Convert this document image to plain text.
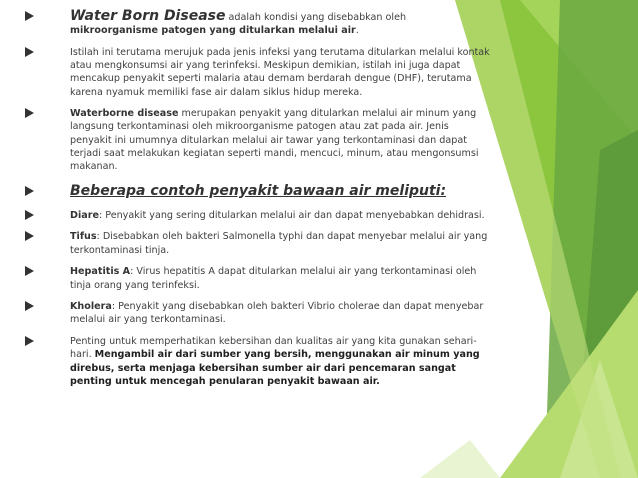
Water Born Disease adalah kondisi yang disebabkan oleh mikroorganisme patogen yang ditularkan melalui air.
Istilah ini terutama merujuk pada jenis infeksi yang terutama ditularkan melalui kontak atau mengkonsumsi air yang terinfeksi. Meskipun demikian, istilah ini juga dapat mencakup penyakit seperti malaria atau demam berdarah dengue (DHF), terutama karena nyamuk memiliki fase air dalam siklus hidup mereka.
Waterborne disease merupakan penyakit yang ditularkan melalui air minum yang langsung terkontaminasi oleh mikroorganisme patogen atau zat pada air. Jenis penyakit ini umumnya ditularkan melalui air tawar yang terkontaminasi dan dapat terjadi saat melakukan kegiatan seperti mandi, mencuci, minum, atau mengonsumsi makanan.
Beberapa contoh penyakit bawaan air meliputi:
Diare: Penyakit yang sering ditularkan melalui air dan dapat menyebabkan dehidrasi.
Tifus: Disebabkan oleh bakteri Salmonella typhi dan dapat menyebar melalui air yang terkontaminasi tinja.
Hepatitis A: Virus hepatitis A dapat ditularkan melalui air yang terkontaminasi oleh tinja orang yang terinfeksi.
Kholera: Penyakit yang disebabkan oleh bakteri Vibrio cholerae dan dapat menyebar melalui air yang terkontaminasi.
Penting untuk memperhatikan kebersihan dan kualitas air yang kita gunakan sehari-hari. Mengambil air dari sumber yang bersih, menggunakan air minum yang direbus, serta menjaga kebersihan sumber air dari pencemaran sangat penting untuk mencegah penularan penyakit bawaan air.
